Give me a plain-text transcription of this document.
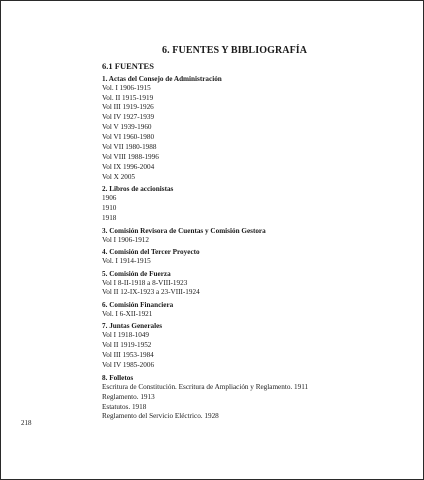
6. FUENTES Y BIBLIOGRAFÍA
6.1 FUENTES
1. Actas del Consejo de Administración
Vol. I 1906-1915
Vol. II 1915-1919
Vol III 1919-1926
Vol IV 1927-1939
Vol V 1939-1960
Vol VI 1960-1980
Vol VII 1980-1988
Vol VIII 1988-1996
Vol IX 1996-2004
Vol X 2005
2. Libros de accionistas
1906
1910
1918
3. Comisión Revisora de Cuentas y Comisión Gestora
Vol I 1906-1912
4. Comisión del Tercer Proyecto
Vol. I 1914-1915
5. Comisión de Fuerza
Vol I 8-II-1918 a 8-VIII-1923
Vol II 12-IX-1923 a 23-VIII-1924
6. Comisión Financiera
Vol. I 6-XII-1921
7. Juntas Generales
Vol I 1918-1049
Vol II 1919-1952
Vol III 1953-1984
Vol IV 1985-2006
8. Folletos
Escritura de Constitución. Escritura de Ampliación y Reglamento. 1911
Reglamento. 1913
Estatutos. 1918
Reglamento del Servicio Eléctrico. 1928
218
